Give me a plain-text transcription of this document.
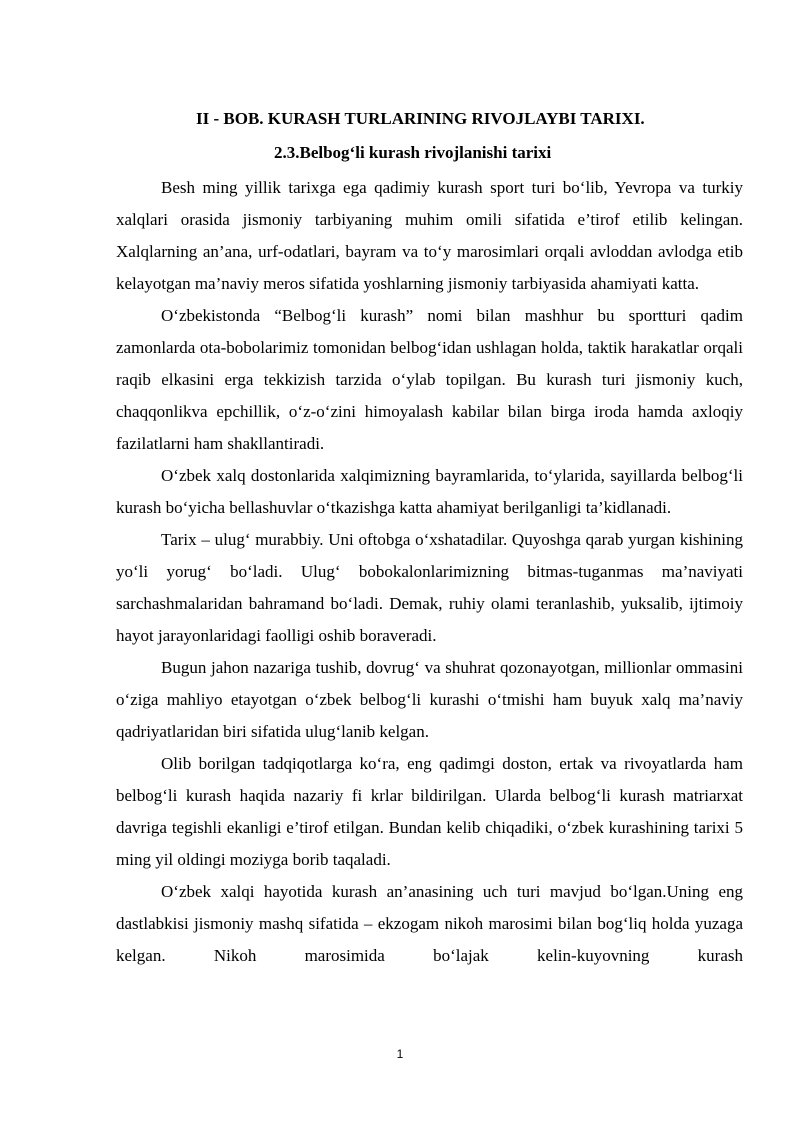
II - BOB. KURASH TURLARINING RIVOJLAYBI TARIXI.
2.3.Belbog‘li kurash rivojlanishi tarixi

Besh ming yillik tarixga ega qadimiy kurash sport turi bo‘lib, Yevropa va turkiy xalqlari orasida jismoniy tarbiyaning muhim omili sifatida e’tirof etilib kelingan. Xalqlarning an’ana, urf-odatlari, bayram va to‘y marosimlari orqali avloddan avlodga etib kelayotgan ma’naviy meros sifatida yoshlarning jismoniy tarbiyasida ahamiyati katta.

O‘zbekistonda “Belbog‘li kurash” nomi bilan mashhur bu sportturi qadim zamonlarda ota-bobolarimiz tomonidan belbog‘idan ushlagan holda, taktik harakatlar orqali raqib elkasini erga tekkizish tarzida o‘ylab topilgan. Bu kurash turi jismoniy kuch, chaqqonlikva epchillik, o‘z-o‘zini himoyalash kabilar bilan birga iroda hamda axloqiy fazilatlarni ham shakllantiradi.

O‘zbek xalq dostonlarida xalqimizning bayramlarida, to‘ylarida, sayillarda belbog‘li kurash bo‘yicha bellashuvlar o‘tkazishga katta ahamiyat berilganligi ta’kidlanadi.

Tarix – ulug‘ murabbiy. Uni oftobga o‘xshatadilar. Quyoshga qarab yurgan kishining yo‘li yorug‘ bo‘ladi. Ulug‘ bobokalonlarimizning bitmas-tuganmas ma’naviyati sarchashmalaridan bahramand bo‘ladi. Demak, ruhiy olami teranlashib, yuksalib, ijtimoiy hayot jarayonlaridagi faolligi oshib boraveradi.

Bugun jahon nazariga tushib, dovrug‘ va shuhrat qozonayotgan, millionlar ommasini o‘ziga mahliyo etayotgan o‘zbek belbog‘li kurashi o‘tmishi ham buyuk xalq ma’naviy qadriyatlaridan biri sifatida ulug‘lanib kelgan.

Olib borilgan tadqiqotlarga ko‘ra, eng qadimgi doston, ertak va rivoyatlarda ham belbog‘li kurash haqida nazariy fi krlar bildirilgan. Ularda belbog‘li kurash matriarxat davriga tegishli ekanligi e’tirof etilgan. Bundan kelib chiqadiki, o‘zbek kurashining tarixi 5 ming yil oldingi moziyga borib taqaladi.

O‘zbek xalqi hayotida kurash an’anasining uch turi mavjud bo‘lgan.Uning eng dastlabkisi jismoniy mashq sifatida – ekzogam nikoh marosimi bilan bog‘liq holda yuzaga kelgan. Nikoh marosimida bo‘lajak kelin-kuyovning kurash

1
